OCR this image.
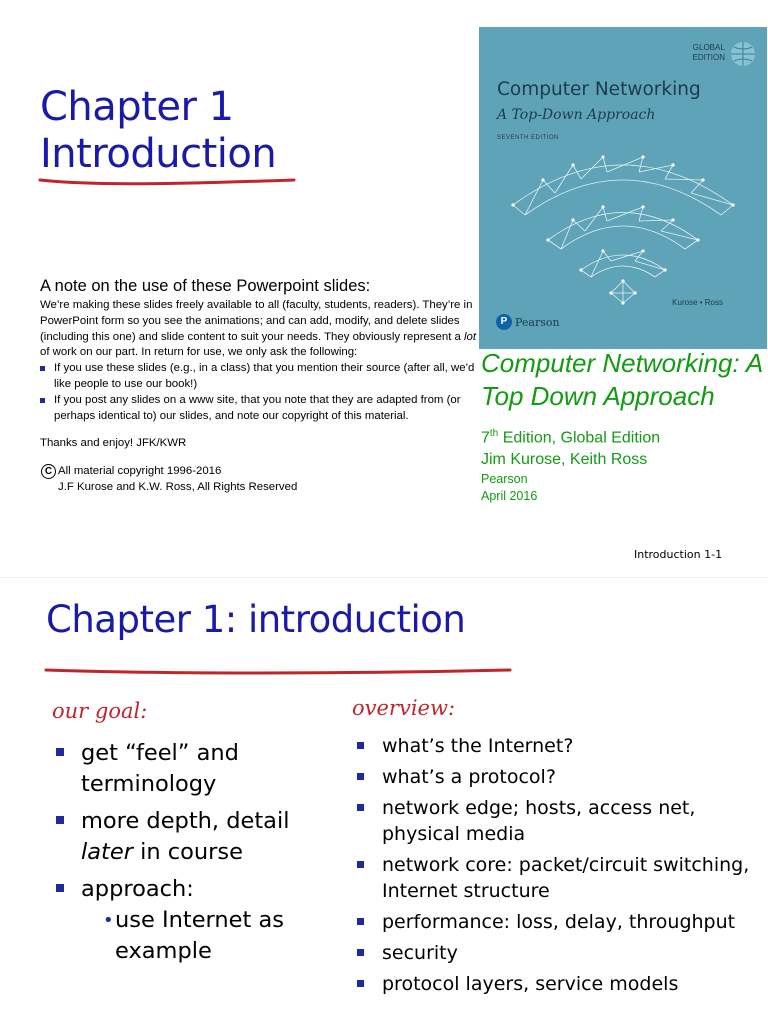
Chapter 1
Introduction

A note on the use of these Powerpoint slides:

We’re making these slides freely available to all (faculty, students, readers). They’re in PowerPoint form so you see the animations; and can add, modify, and delete slides (including this one) and slide content to suit your needs. They obviously represent a lot of work on our part. In return for use, we only ask the following:

If you use these slides (e.g., in a class) that you mention their source (after all, we’d like people to use our book!)
If you post any slides on a www site, that you note that they are adapted from (or perhaps identical to) our slides, and note our copyright of this material.

Thanks and enjoy! JFK/KWR

C All material copyright 1996-2016
J.F Kurose and K.W. Ross, All Rights Reserved
GLOBAL
EDITION
Computer Networking
A Top-Down Approach
SEVENTH EDITION
Kurose • Ross
P Pearson

Computer Networking: A Top Down Approach

7th Edition, Global Edition

Jim Kurose, Keith Ross

Pearson

April 2016

Introduction 1-1
Chapter 1: introduction
our goal:
get “feel” and terminology
more depth, detail later in course
approach:
• use Internet as example
overview:
what’s the Internet?
what’s a protocol?
network edge; hosts, access net, physical media
network core: packet/circuit switching, Internet structure
performance: loss, delay, throughput
security
protocol layers, service models
